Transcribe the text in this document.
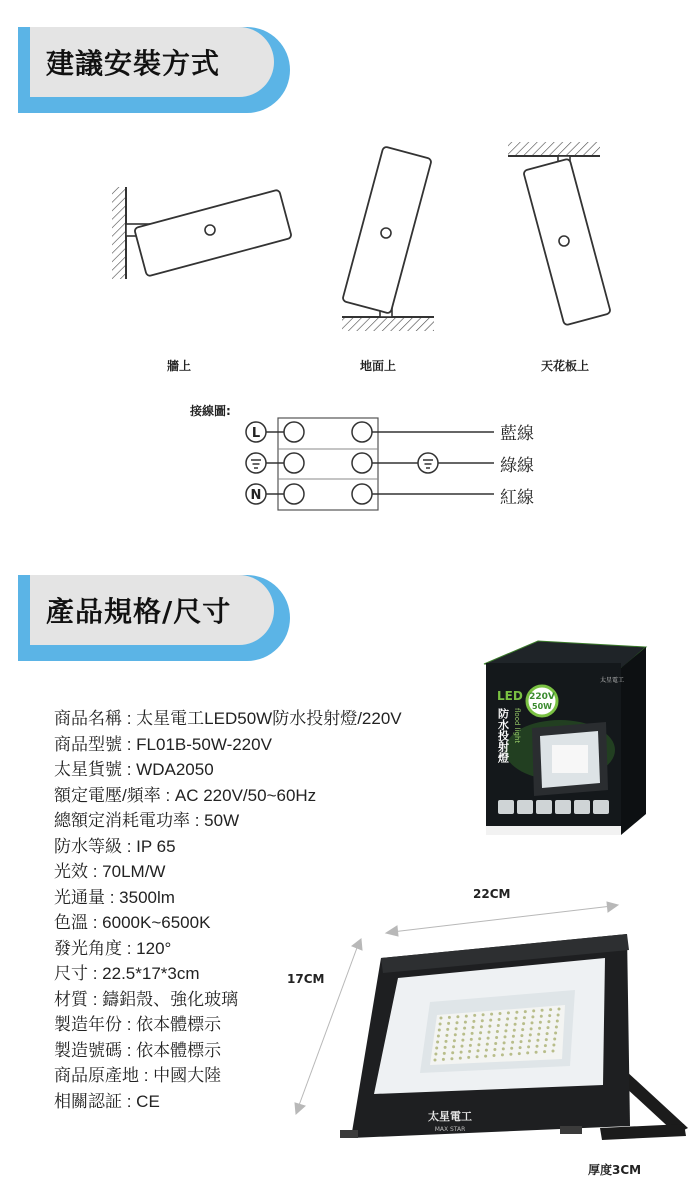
建議安裝方式
L
N
牆上	地面上	天花板上
接線圖:
藍線
綠線
紅線
產品規格/尺寸
220V
50W
LED
太星電工
防水投射燈 flood light
商品名稱 : 太星電工LED50W防水投射燈/220V
商品型號 : FL01B-50W-220V
太星貨號 : WDA2050
額定電壓/頻率 : AC 220V/50~60Hz
總額定消耗電功率 : 50W
防水等級 : IP 65
光效 : 70LM/W
光通量 : 3500lm
色溫 : 6000K~6500K
發光角度 : 120°
尺寸 : 22.5*17*3cm
材質 : 鑄鋁殼、強化玻璃
製造年份 : 依本體標示
製造號碼 : 依本體標示
商品原產地 : 中國大陸
相關認証 : CE
太星電工
MAX STAR
22CM
17CM
厚度3CM
